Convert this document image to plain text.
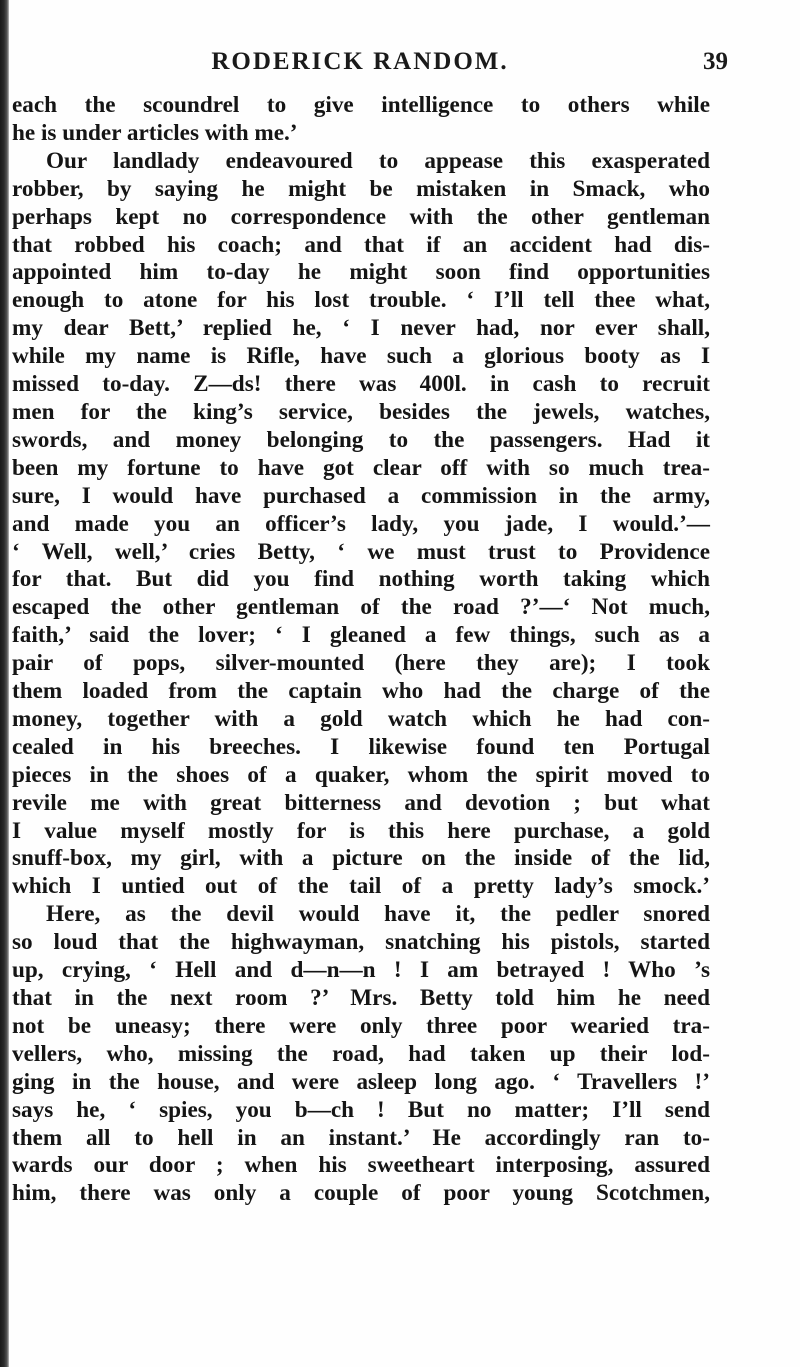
RODERICK RANDOM.	39
each the scoundrel to give intelligence to others while
he is under articles with me.’
Our landlady endeavoured to appease this exasperated
robber, by saying he might be mistaken in Smack, who
perhaps kept no correspondence with the other gentleman
that robbed his coach; and that if an accident had dis-
appointed him to-day he might soon find opportunities
enough to atone for his lost trouble. ‘ I’ll tell thee what,
my dear Bett,’ replied he, ‘ I never had, nor ever shall,
while my name is Rifle, have such a glorious booty as I
missed to-day. Z—ds! there was 400l. in cash to recruit
men for the king’s service, besides the jewels, watches,
swords, and money belonging to the passengers. Had it
been my fortune to have got clear off with so much trea-
sure, I would have purchased a commission in the army,
and made you an officer’s lady, you jade, I would.’—
‘ Well, well,’ cries Betty, ‘ we must trust to Providence
for that. But did you find nothing worth taking which
escaped the other gentleman of the road ?’—‘ Not much,
faith,’ said the lover; ‘ I gleaned a few things, such as a
pair of pops, silver-mounted (here they are); I took
them loaded from the captain who had the charge of the
money, together with a gold watch which he had con-
cealed in his breeches. I likewise found ten Portugal
pieces in the shoes of a quaker, whom the spirit moved to
revile me with great bitterness and devotion ; but what
I value myself mostly for is this here purchase, a gold
snuff-box, my girl, with a picture on the inside of the lid,
which I untied out of the tail of a pretty lady’s smock.’
Here, as the devil would have it, the pedler snored
so loud that the highwayman, snatching his pistols, started
up, crying, ‘ Hell and d—n—n ! I am betrayed ! Who ’s
that in the next room ?’ Mrs. Betty told him he need
not be uneasy; there were only three poor wearied tra-
vellers, who, missing the road, had taken up their lod-
ging in the house, and were asleep long ago. ‘ Travellers !’
says he, ‘ spies, you b—ch ! But no matter; I’ll send
them all to hell in an instant.’ He accordingly ran to-
wards our door ; when his sweetheart interposing, assured
him, there was only a couple of poor young Scotchmen,
